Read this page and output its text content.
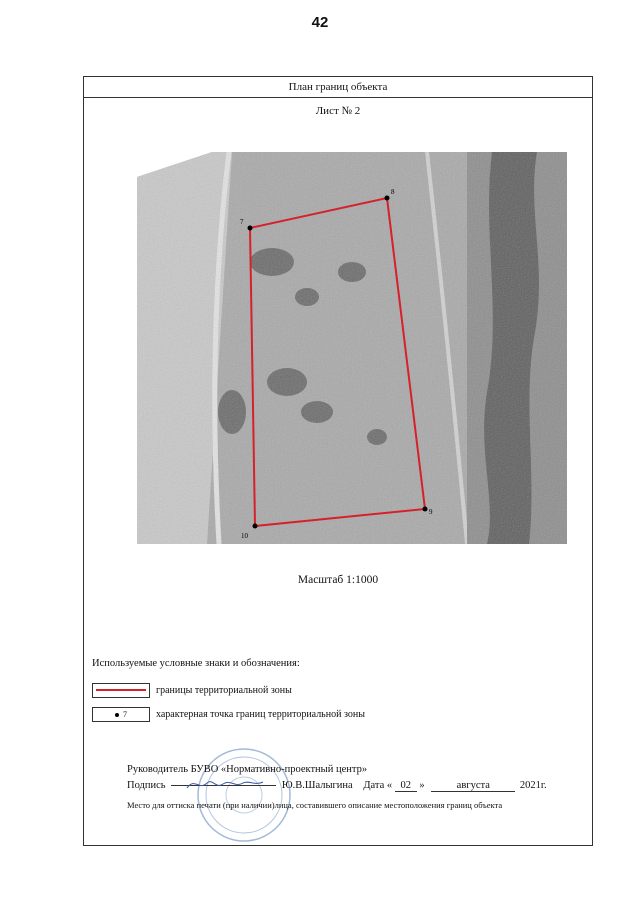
42
План границ объекта
Лист № 2
7
8
9
10
Масштаб 1:1000
Используемые условные знаки и обозначения:
границы территориальной зоны
7	характерная точка границ территориальной зоны
Руководитель БУВО «Нормативно-проектный центр»
Подпись	Ю.В.Шалыгина Дата « 02 »	августа	2021г.
Место для оттиска печати (при наличии)лица, составившего описание местоположения границ объекта
